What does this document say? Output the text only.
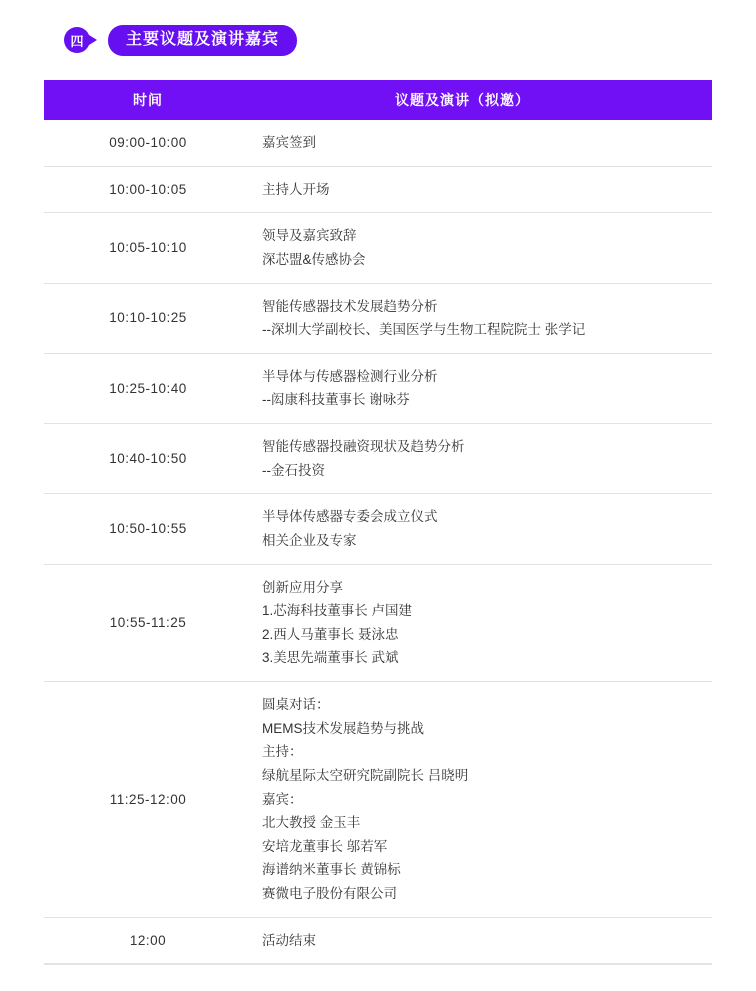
四	主要议题及演讲嘉宾
时间	议题及演讲（拟邀）
09:00-10:00	嘉宾签到

10:00-10:05	主持人开场

10:05-10:10	领导及嘉宾致辞
深芯盟&传感协会

10:10-10:25	智能传感器技术发展趋势分析
--深圳大学副校长、美国医学与生物工程院院士 张学记

10:25-10:40	半导体与传感器检测行业分析
--闳康科技董事长 谢咏芬

10:40-10:50	智能传感器投融资现状及趋势分析
--金石投资

10:50-10:55	半导体传感器专委会成立仪式
相关企业及专家

10:55-11:25	创新应用分享
1.芯海科技董事长 卢国建
2.西人马董事长 聂泳忠
3.美思先端董事长 武斌

11:25-12:00	
圆桌对话：
MEMS技术发展趋势与挑战
主持：
绿航星际太空研究院副院长 吕晓明
嘉宾：
北大教授 金玉丰
安培龙董事长 邬若军
海谱纳米董事长 黄锦标
赛微电子股份有限公司

12:00	活动结束
